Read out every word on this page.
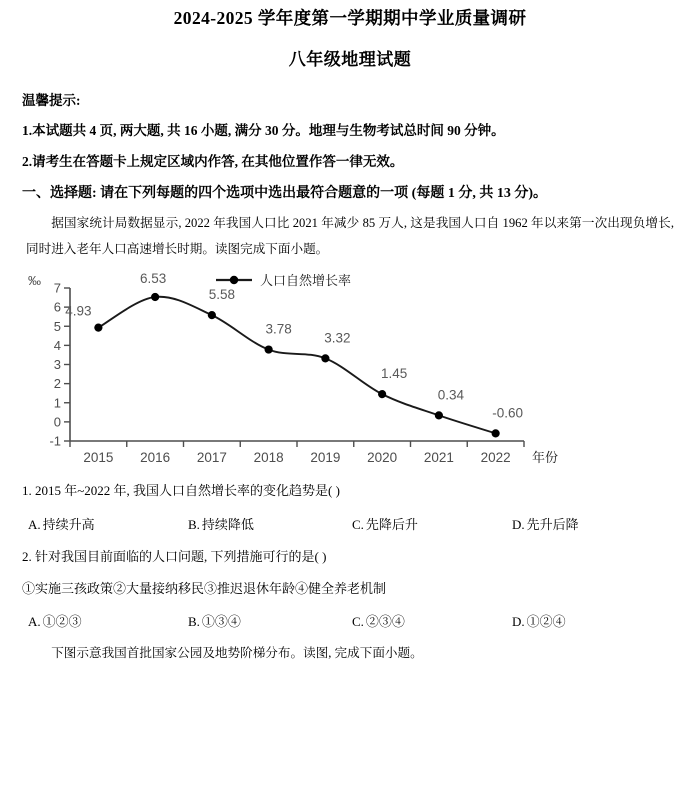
2024-2025 学年度第一学期期中学业质量调研
八年级地理试题
温馨提示:
1.本试题共 4 页, 两大题, 共 16 小题, 满分 30 分。地理与生物考试总时间 90 分钟。
2.请考生在答题卡上规定区域内作答, 在其他位置作答一律无效。
一、选择题: 请在下列每题的四个选项中选出最符合题意的一项 (每题 1 分, 共 13 分)。
据国家统计局数据显示, 2022 年我国人口比 2021 年减少 85 万人, 这是我国人口自 1962 年以来第一次出现负增长, 同时进入老年人口高速增长时期。读图完成下面小题。
人口自然增长率
‰ 7
6
5
4
3
2
1
0
-1
2015 2016 2017 2018 2019 2020 2021 2022
4.93
6.53
5.58
3.78
3.32
1.45
0.34
-0.60
年份
1. 2015 年~2022 年, 我国人口自然增长率的变化趋势是( )
A. 持续升高	B. 持续降低	C. 先降后升	D. 先升后降
2. 针对我国目前面临的人口问题, 下列措施可行的是( )
①实施三孩政策②大量接纳移民③推迟退休年龄④健全养老机制
A. ①②③	B. ①③④	C. ②③④	D. ①②④
下图示意我国首批国家公园及地势阶梯分布。读图, 完成下面小题。
